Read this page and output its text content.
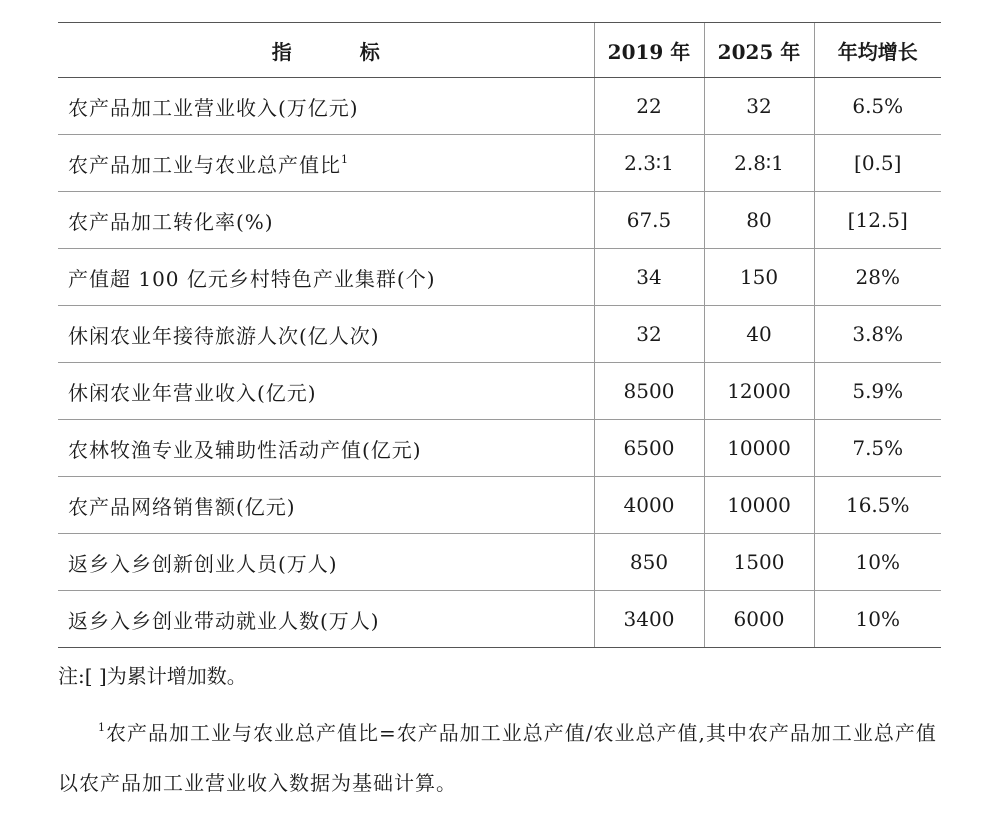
指　标	2019 年	2025 年	年均增长
农产品加工业营业收入(万亿元)	22	32	6.5%
农产品加工业与农业总产值比$^1$	2.3∶1	2.8∶1	[0.5]
农产品加工转化率(%)	67.5	80	[12.5]
产值超 100 亿元乡村特色产业集群(个)	34	150	28%
休闲农业年接待旅游人次(亿人次)	32	40	3.8%
休闲农业年营业收入(亿元)	8500	12000	5.9%
农林牧渔专业及辅助性活动产值(亿元)	6500	10000	7.5%
农产品网络销售额(亿元)	4000	10000	16.5%
返乡入乡创新创业人员(万人)	850	1500	10%
返乡入乡创业带动就业人数(万人)	3400	6000	10%

注:[ ]为累计增加数。

$^1$农产品加工业与农业总产值比=农产品加工业总产值/农业总产值,其中农产品加工业总产值以农产品加工业营业收入数据为基础计算。
